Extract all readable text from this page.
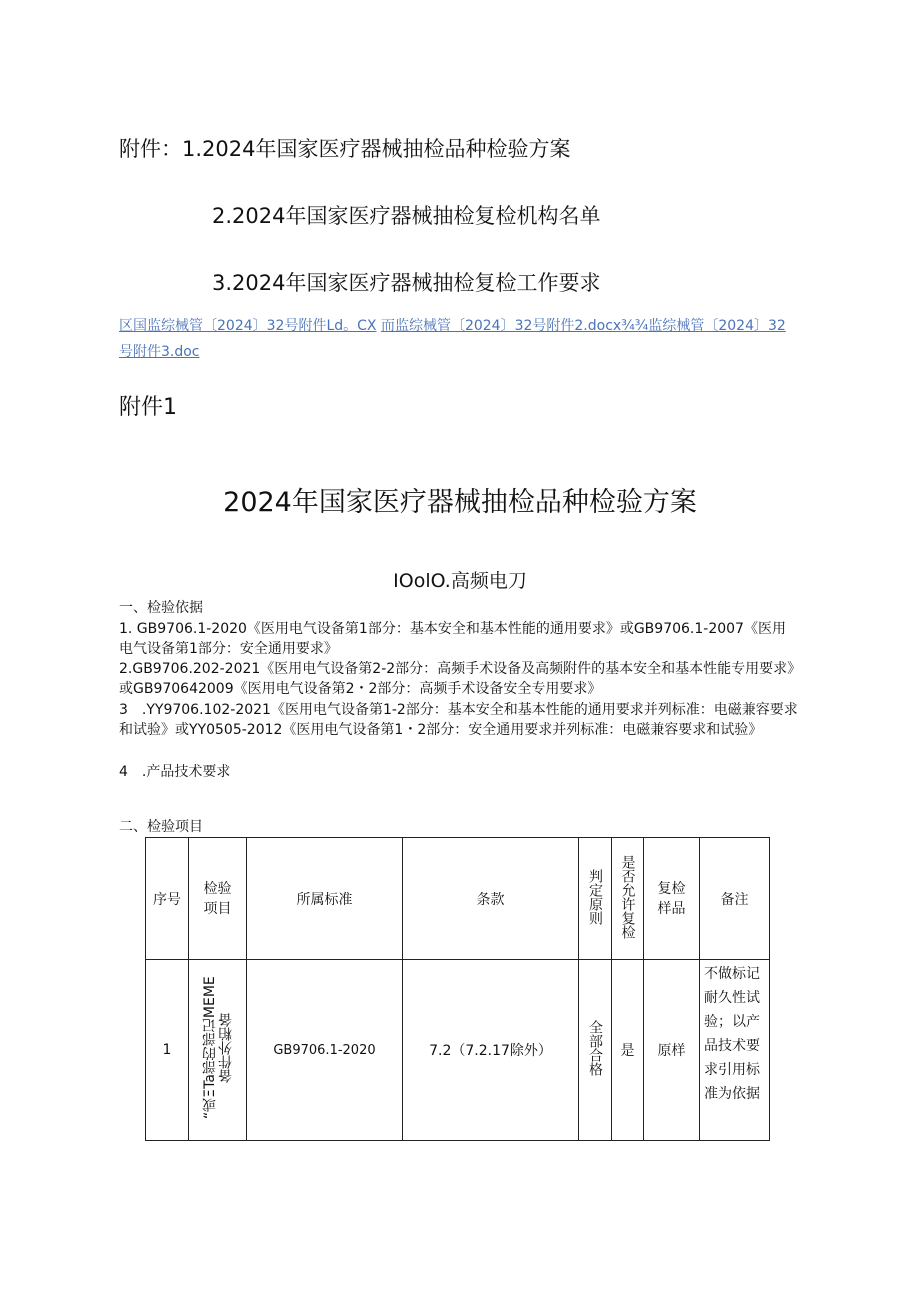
附件：1.2024年国家医疗器械抽检品种检验方案
2.2024年国家医疗器械抽检复检机构名单
3.2024年国家医疗器械抽检复检工作要求
区国监综械管〔2024〕32号附件Ld。CX 而监综械管〔2024〕32号附件2.docx¾¾监综械管〔2024〕32号附件3.doc
附件1
2024年国家医疗器械抽检品种检验方案
IOolO.高频电刀
一、检验依据
1. GB9706.1-2020《医用电气设备第1部分：基本安全和基本性能的通用要求》或GB9706.1-2007《医用电气设备第1部分：安全通用要求》
2.GB9706.202-2021《医用电气设备第2-2部分：高频手术设备及高频附件的基本安全和基本性能专用要求》或GB970642009《医用电气设备第2・2部分：高频手术设备安全专用要求》
3　.YY9706.102-2021《医用电气设备第1-2部分：基本安全和基本性能的通用要求并列标准：电磁兼容要求和试验》或YY0505-2012《医用电气设备第1・2部分：安全通用要求并列标准：电磁兼容要求和试验》
4　.产品技术要求
二、检验项目
序号	检验项目	所属标准	条款	判定原则	是否允许复检	复检样品	备注
1	“或ΞTa部的部记MEME备件外粕备	GB9706.1-2020	7.2（7.2.17除外）	全部合格	是	原样	不做标记耐久性试验；以产品技术要求引用标准为依据
